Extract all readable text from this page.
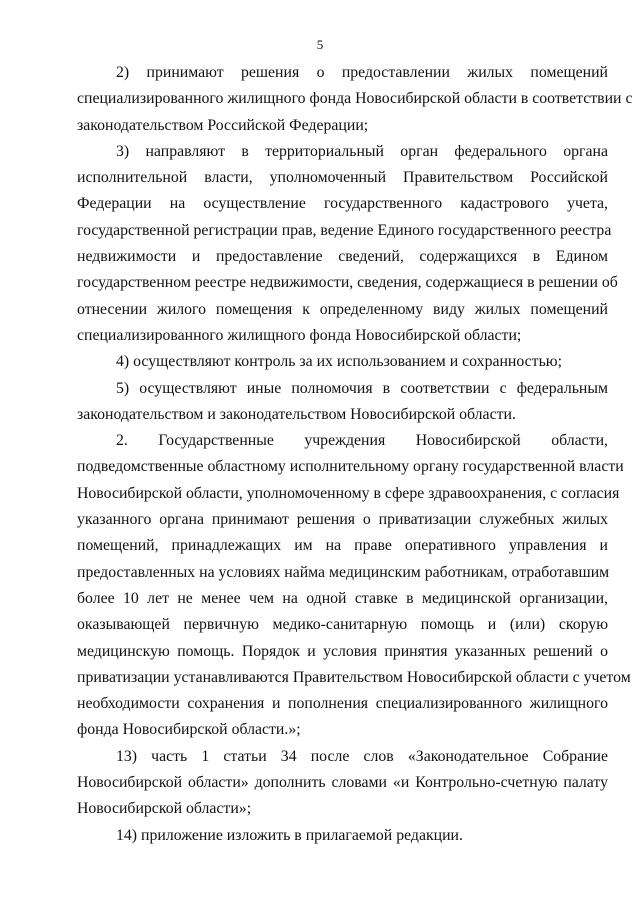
5
2) принимают решения о предоставлении жилых помещений
специализированного жилищного фонда Новосибирской области в соответствии с
законодательством Российской Федерации;
3) направляют в территориальный орган федерального органа
исполнительной власти, уполномоченный Правительством Российской
Федерации на осуществление государственного кадастрового учета,
государственной регистрации прав, ведение Единого государственного реестра
недвижимости и предоставление сведений, содержащихся в Едином
государственном реестре недвижимости, сведения, содержащиеся в решении об
отнесении жилого помещения к определенному виду жилых помещений
специализированного жилищного фонда Новосибирской области;
4) осуществляют контроль за их использованием и сохранностью;
5) осуществляют иные полномочия в соответствии с федеральным
законодательством и законодательством Новосибирской области.
2. Государственные учреждения Новосибирской области,
подведомственные областному исполнительному органу государственной власти
Новосибирской области, уполномоченному в сфере здравоохранения, с согласия
указанного органа принимают решения о приватизации служебных жилых
помещений, принадлежащих им на праве оперативного управления и
предоставленных на условиях найма медицинским работникам, отработавшим
более 10 лет не менее чем на одной ставке в медицинской организации,
оказывающей первичную медико-санитарную помощь и (или) скорую
медицинскую помощь. Порядок и условия принятия указанных решений о
приватизации устанавливаются Правительством Новосибирской области с учетом
необходимости сохранения и пополнения специализированного жилищного
фонда Новосибирской области.»;
13) часть 1 статьи 34 после слов «Законодательное Собрание
Новосибирской области» дополнить словами «и Контрольно-счетную палату
Новосибирской области»;
14) приложение изложить в прилагаемой редакции.
